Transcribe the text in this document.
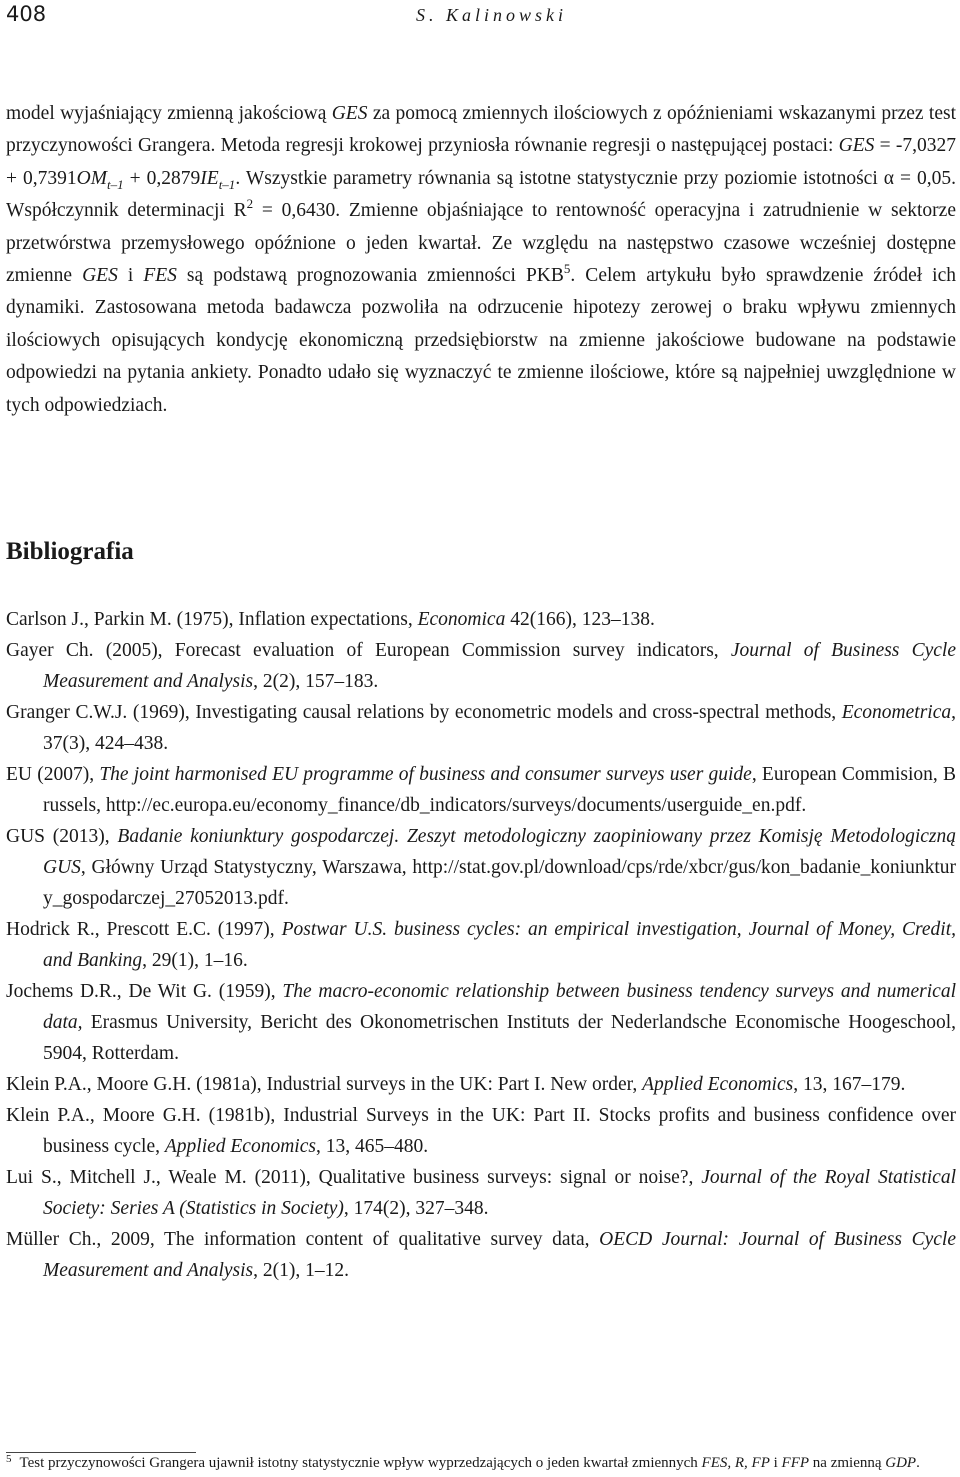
408	S. Kalinowski

model wyjaśniający zmienną jakościową GES za pomocą zmiennych ilościowych z opóźnieniami wskazanymi przez test przyczynowości Grangera. Metoda regresji krokowej przyniosła równanie regresji o następującej postaci: GES = $-7,0327 + 0,7391OM_{t-1} + 0,2879IE_{t-1}$. Wszystkie parametry równania są istotne statystycznie przy poziomie istotności α = 0,05. Współczynnik determinacji $R^2 = 0,6430$. Zmienne objaśniające to rentowność operacyjna i zatrudnienie w sektorze przetwórstwa przemysłowego opóźnione o jeden kwartał. Ze względu na następstwo czasowe wcześniej dostępne zmienne GES i FES są podstawą prognozowania zmienności PKB$^5$. Celem artykułu było sprawdzenie źródeł ich dynamiki. Zastosowana metoda badawcza pozwoliła na odrzucenie hipotezy zerowej o braku wpływu zmiennych ilościowych opisujących kondycję ekonomiczną przedsiębiorstw na zmienne jakościowe budowane na podstawie odpowiedzi na pytania ankiety. Ponadto udało się wyznaczyć te zmienne ilościowe, które są najpełniej uwzględnione w tych odpowiedziach.

Bibliografia
Carlson J., Parkin M. (1975), Inflation expectations, Economica 42(166), 123–138.
Gayer Ch. (2005), Forecast evaluation of European Commission survey indicators, Journal of Business Cycle Measurement and Analysis, 2(2), 157–183.
Granger C.W.J. (1969), Investigating causal relations by econometric models and cross-spectral methods, Econometrica, 37(3), 424–438.
EU (2007), The joint harmonised EU programme of business and consumer surveys user guide, European Commision, Brussels, http://ec.europa.eu/economy_finance/db_indicators/surveys/documents/userguide_en.pdf.
GUS (2013), Badanie koniunktury gospodarczej. Zeszyt metodologiczny zaopiniowany przez Komisję Metodologiczną GUS, Główny Urząd Statystyczny, Warszawa, http://stat.gov.pl/download/cps/rde/xbcr/gus/kon_badanie_koniunktury_gospodarczej_27052013.pdf.
Hodrick R., Prescott E.C. (1997), Postwar U.S. business cycles: an empirical investigation, Journal of Money, Credit, and Banking, 29(1), 1–16.
Jochems D.R., De Wit G. (1959), The macro-economic relationship between business tendency surveys and numerical data, Erasmus University, Bericht des Okonometrischen Instituts der Nederlandsche Economische Hoogeschool, 5904, Rotterdam.
Klein P.A., Moore G.H. (1981a), Industrial surveys in the UK: Part I. New order, Applied Economics, 13, 167–179.
Klein P.A., Moore G.H. (1981b), Industrial Surveys in the UK: Part II. Stocks profits and business confidence over business cycle, Applied Economics, 13, 465–480.
Lui S., Mitchell J., Weale M. (2011), Qualitative business surveys: signal or noise?, Journal of the Royal Statistical Society: Series A (Statistics in Society), 174(2), 327–348.
Müller Ch., 2009, The information content of qualitative survey data, OECD Journal: Journal of Business Cycle Measurement and Analysis, 2(1), 1–12.
$^5$ Test przyczynowości Grangera ujawnił istotny statystycznie wpływ wyprzedzających o jeden kwartał zmiennych FES, R, FP i FFP na zmienną GDP.
